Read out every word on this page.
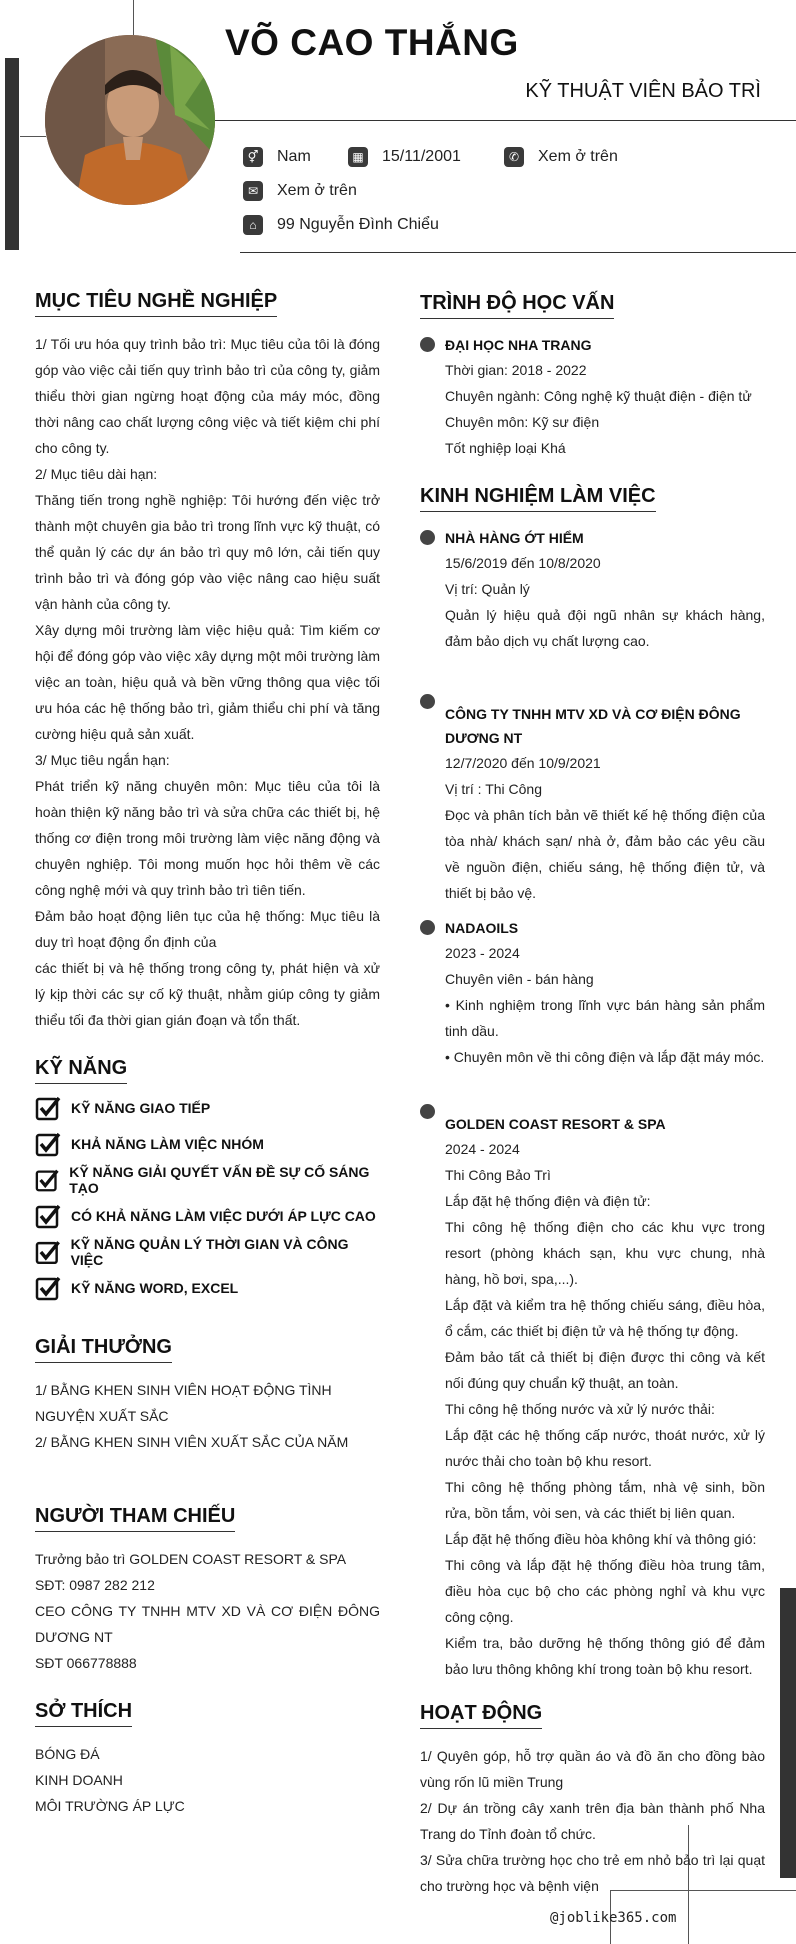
VÕ CAO THẮNG
KỸ THUẬT VIÊN BẢO TRÌ
⚥ Nam	▦ 15/11/2001	✆	Xem ở trên
✉	Xem ở trên
⌂	99 Nguyễn Đình Chiểu
MỤC TIÊU NGHỀ NGHIỆP
1/ Tối ưu hóa quy trình bảo trì: Mục tiêu của tôi là đóng góp vào việc cải tiến quy trình bảo trì của công ty, giảm thiểu thời gian ngừng hoạt động của máy móc, đồng thời nâng cao chất lượng công việc và tiết kiệm chi phí cho công ty.
2/ Mục tiêu dài hạn:
Thăng tiến trong nghề nghiệp: Tôi hướng đến việc trở thành một chuyên gia bảo trì trong lĩnh vực kỹ thuật, có thể quản lý các dự án bảo trì quy mô lớn, cải tiến quy trình bảo trì và đóng góp vào việc nâng cao hiệu suất vận hành của công ty.
Xây dựng môi trường làm việc hiệu quả: Tìm kiếm cơ hội để đóng góp vào việc xây dựng một môi trường làm việc an toàn, hiệu quả và bền vững thông qua việc tối ưu hóa các hệ thống bảo trì, giảm thiểu chi phí và tăng cường hiệu quả sản xuất.
3/ Mục tiêu ngắn hạn:
Phát triển kỹ năng chuyên môn: Mục tiêu của tôi là hoàn thiện kỹ năng bảo trì và sửa chữa các thiết bị, hệ thống cơ điện trong môi trường làm việc năng động và chuyên nghiệp. Tôi mong muốn học hỏi thêm về các công nghệ mới và quy trình bảo trì tiên tiến.
Đảm bảo hoạt động liên tục của hệ thống: Mục tiêu là duy trì hoạt động ổn định của
các thiết bị và hệ thống trong công ty, phát hiện và xử lý kịp thời các sự cố kỹ thuật, nhằm giúp công ty giảm thiểu tối đa thời gian gián đoạn và tổn thất.
KỸ NĂNG
KỸ NĂNG GIAO TIẾP
KHẢ NĂNG LÀM VIỆC NHÓM
KỸ NĂNG GIẢI QUYẾT VẤN ĐỀ SỰ CỐ SÁNG TẠO
CÓ KHẢ NĂNG LÀM VIỆC DƯỚI ÁP LỰC CAO
KỸ NĂNG QUẢN LÝ THỜI GIAN VÀ CÔNG VIỆC
KỸ NĂNG WORD, EXCEL
GIẢI THƯỞNG
1/ BẰNG KHEN SINH VIÊN HOẠT ĐỘNG TÌNH NGUYỆN XUẤT SẮC
2/ BẰNG KHEN SINH VIÊN XUẤT SẮC CỦA NĂM
NGƯỜI THAM CHIẾU
Trưởng bảo trì GOLDEN COAST RESORT & SPA
SĐT: 0987 282 212
CEO CÔNG TY TNHH MTV XD VÀ CƠ ĐIỆN ĐÔNG DƯƠNG NT
SĐT 066778888
SỞ THÍCH
BÓNG ĐÁ
KINH DOANH
MÔI TRƯỜNG ÁP LỰC
TRÌNH ĐỘ HỌC VẤN
ĐẠI HỌC NHA TRANG
Thời gian: 2018 - 2022
Chuyên ngành: Công nghệ kỹ thuật điện - điện tử
Chuyên môn: Kỹ sư điện
Tốt nghiệp loại Khá
KINH NGHIỆM LÀM VIỆC
NHÀ HÀNG ỚT HIỂM
15/6/2019 đến 10/8/2020
Vị trí: Quản lý
Quản lý hiệu quả đội ngũ nhân sự khách hàng, đảm bảo dịch vụ chất lượng cao.
CÔNG TY TNHH MTV XD VÀ CƠ ĐIỆN ĐÔNG DƯƠNG NT
12/7/2020 đến 10/9/2021
Vị trí : Thi Công
Đọc và phân tích bản vẽ thiết kế hệ thống điện của tòa nhà/ khách sạn/ nhà ở, đảm bảo các yêu cầu về nguồn điện, chiếu sáng, hệ thống điện tử, và thiết bị bảo vệ.
NADAOILS
2023 - 2024
Chuyên viên - bán hàng
• Kinh nghiệm trong lĩnh vực bán hàng sản phẩm tinh dầu.
• Chuyên môn về thi công điện và lắp đặt máy móc.
GOLDEN COAST RESORT & SPA
2024 - 2024
Thi Công Bảo Trì
Lắp đặt hệ thống điện và điện tử:
Thi công hệ thống điện cho các khu vực trong resort (phòng khách sạn, khu vực chung, nhà hàng, hồ bơi, spa,...).
Lắp đặt và kiểm tra hệ thống chiếu sáng, điều hòa, ổ cắm, các thiết bị điện tử và hệ thống tự động.
Đảm bảo tất cả thiết bị điện được thi công và kết nối đúng quy chuẩn kỹ thuật, an toàn.
Thi công hệ thống nước và xử lý nước thải:
Lắp đặt các hệ thống cấp nước, thoát nước, xử lý nước thải cho toàn bộ khu resort.
Thi công hệ thống phòng tắm, nhà vệ sinh, bồn rửa, bồn tắm, vòi sen, và các thiết bị liên quan.
Lắp đặt hệ thống điều hòa không khí và thông gió:
Thi công và lắp đặt hệ thống điều hòa trung tâm, điều hòa cục bộ cho các phòng nghỉ và khu vực công cộng.
Kiểm tra, bảo dưỡng hệ thống thông gió để đảm bảo lưu thông không khí trong toàn bộ khu resort.
HOẠT ĐỘNG
1/ Quyên góp, hỗ trợ quần áo và đồ ăn cho đồng bào vùng rốn lũ miền Trung
2/ Dự án trồng cây xanh trên địa bàn thành phố Nha Trang do Tỉnh đoàn tổ chức.
3/ Sửa chữa trường học cho trẻ em nhỏ bảo trì lại quạt cho trường học và bệnh viện
@joblike365.com
